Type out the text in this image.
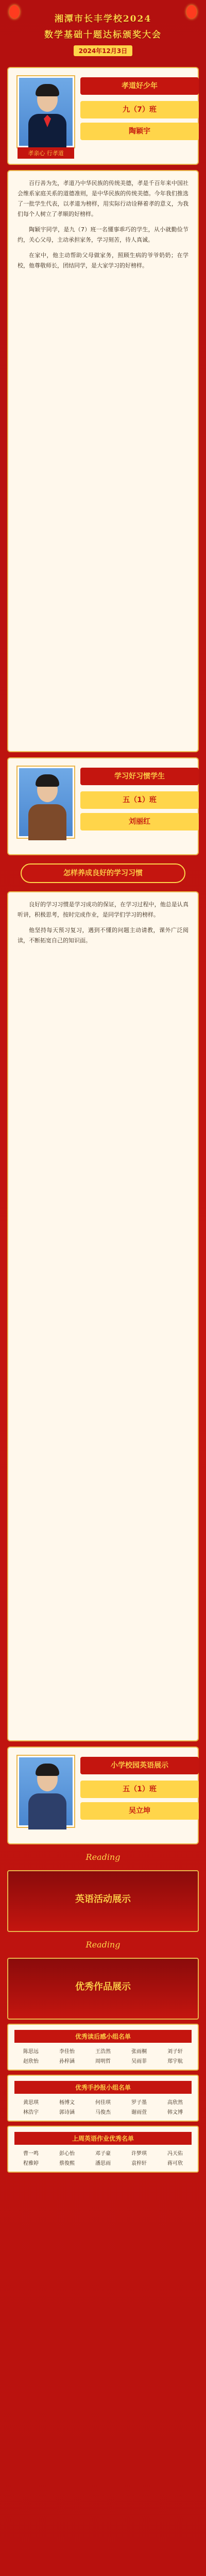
湘潭市长丰学校2024
数学基础十题达标颁奖大会
2024年12月3日
孝道好少年
九（7）班
陶颖宇
孝亲心 行孝道

百行善为先，孝道乃中华民族的传统美德，孝是千百年来中国社会维系家庭关系的道德准则，是中华民族的传统美德。今年我们推选了一批学生代表，以孝道为榜样，用实际行动诠释着孝的意义，为我们每个人树立了孝顺的好榜样。

陶颖宇同学，是九（7）班一名懂事乖巧的学生，从小就勤俭节约，关心父母，主动承担家务，学习刻苦，待人真诚。

在家中，他主动帮助父母做家务，照顾生病的爷爷奶奶；在学校，他尊敬师长，团结同学，是大家学习的好榜样。

学习好习惯学生
五（1）班
刘丽红
怎样养成良好的学习习惯

良好的学习习惯是学习成功的保证，在学习过程中，他总是认真听讲，积极思考，按时完成作业，是同学们学习的榜样。

他坚持每天预习复习，遇到不懂的问题主动请教，课外广泛阅读，不断拓宽自己的知识面。

小学校园英语展示
五（1）班
吴立坤
Reading
英语活动展示
Reading
优秀作品展示
优秀读后感小组名单
陈思远	李佳怡	王浩然	张雨桐	刘子轩
赵欣怡	孙梓涵	周明哲	吴雨菲	郑宇航
优秀手抄报小组名单
黄思琪	杨博文	何佳琪	罗子墨	高欣然
林浩宇	郭诗涵	马俊杰	谢雨萱	韩文博
上周英语作业优秀名单
曹一鸣	彭心怡	邓子豪	许梦琪	冯天佑
程雅婷	蔡俊熙	潘思雨	袁梓轩	蒋可欣
